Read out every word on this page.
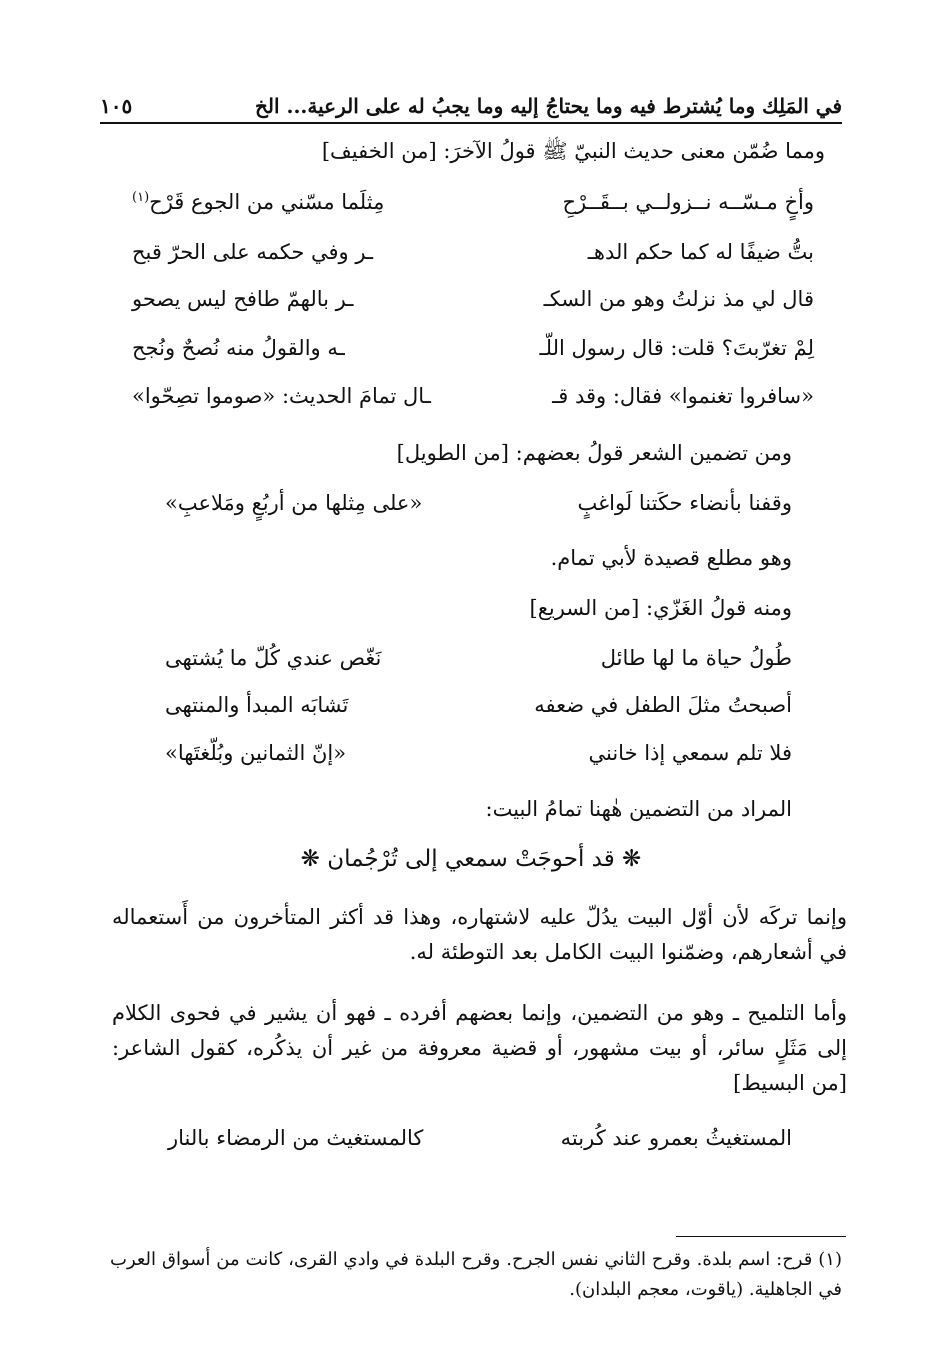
في المَلِك وما يُشترط فيه وما يحتاجُ إليه وما يجبُ له على الرعية... الخ
١٠٥
ومما ضُمّن معنى حديث النبيّ ﷺ قولُ الآخرَ: [من الخفيف]
وأخٍ مـسّــه نــزولــي بــقَــرْحِ
مِثلَما مسّني من الجوع قَرْح$^{(١)}$
بتُّ ضيفًا له كما حكم الدهـ
ـر وفي حكمه على الحرّ قبح
قال لي مذ نزلتُ وهو من السكـ
ـر بالهمّ طافح ليس يصحو
لِمْ تغرّبتَ؟ قلت: قال رسول اللّـ
ـه والقولُ منه نُصحٌ ونُجح
«سافروا تغنموا» فقال: وقد قـ
ـال تمامَ الحديث: «صوموا تصِحّوا»
ومن تضمين الشعر قولُ بعضهم: [من الطويل]
وقفنا بأنضاء حكَتنا لَواغبٍ
«على مِثلها من أربُعٍ ومَلاعبِ»
وهو مطلع قصيدة لأبي تمام.
ومنه قولُ الغَزّي: [من السريع]
طُولُ حياة ما لها طائل
نَغّص عندي كُلّ ما يُشتهى
أصبحتُ مثلَ الطفل في ضعفه
تَشابَه المبدأ والمنتهى
فلا تلم سمعي إذا خانني
«إنّ الثمانين وبُلّغتَها»
المراد من التضمين هٰهنا تمامُ البيت:
❋ قد أحوجَتْ سمعي إلى تُرْجُمان ❋
وإنما تركَه لأن أوّل البيت يدُلّ عليه لاشتهاره، وهذا قد أكثر المتأخرون من أَستعماله في أشعارهم، وضمّنوا البيت الكامل بعد التوطئة له.
وأما التلميح ـ وهو من التضمين، وإنما بعضهم أفرده ـ فهو أن يشير في فحوى الكلام إلى مَثَلٍ سائر، أو بيت مشهور، أو قضية معروفة من غير أن يذكُره، كقول الشاعر: [من البسيط]
المستغيثُ بعمرو عند كُربته
كالمستغيث من الرمضاء بالنار
(١) قرح: اسم بلدة. وقرح الثاني نفس الجرح. وقرح البلدة في وادي القرى، كانت من أسواق العرب في الجاهلية. (ياقوت، معجم البلدان).
